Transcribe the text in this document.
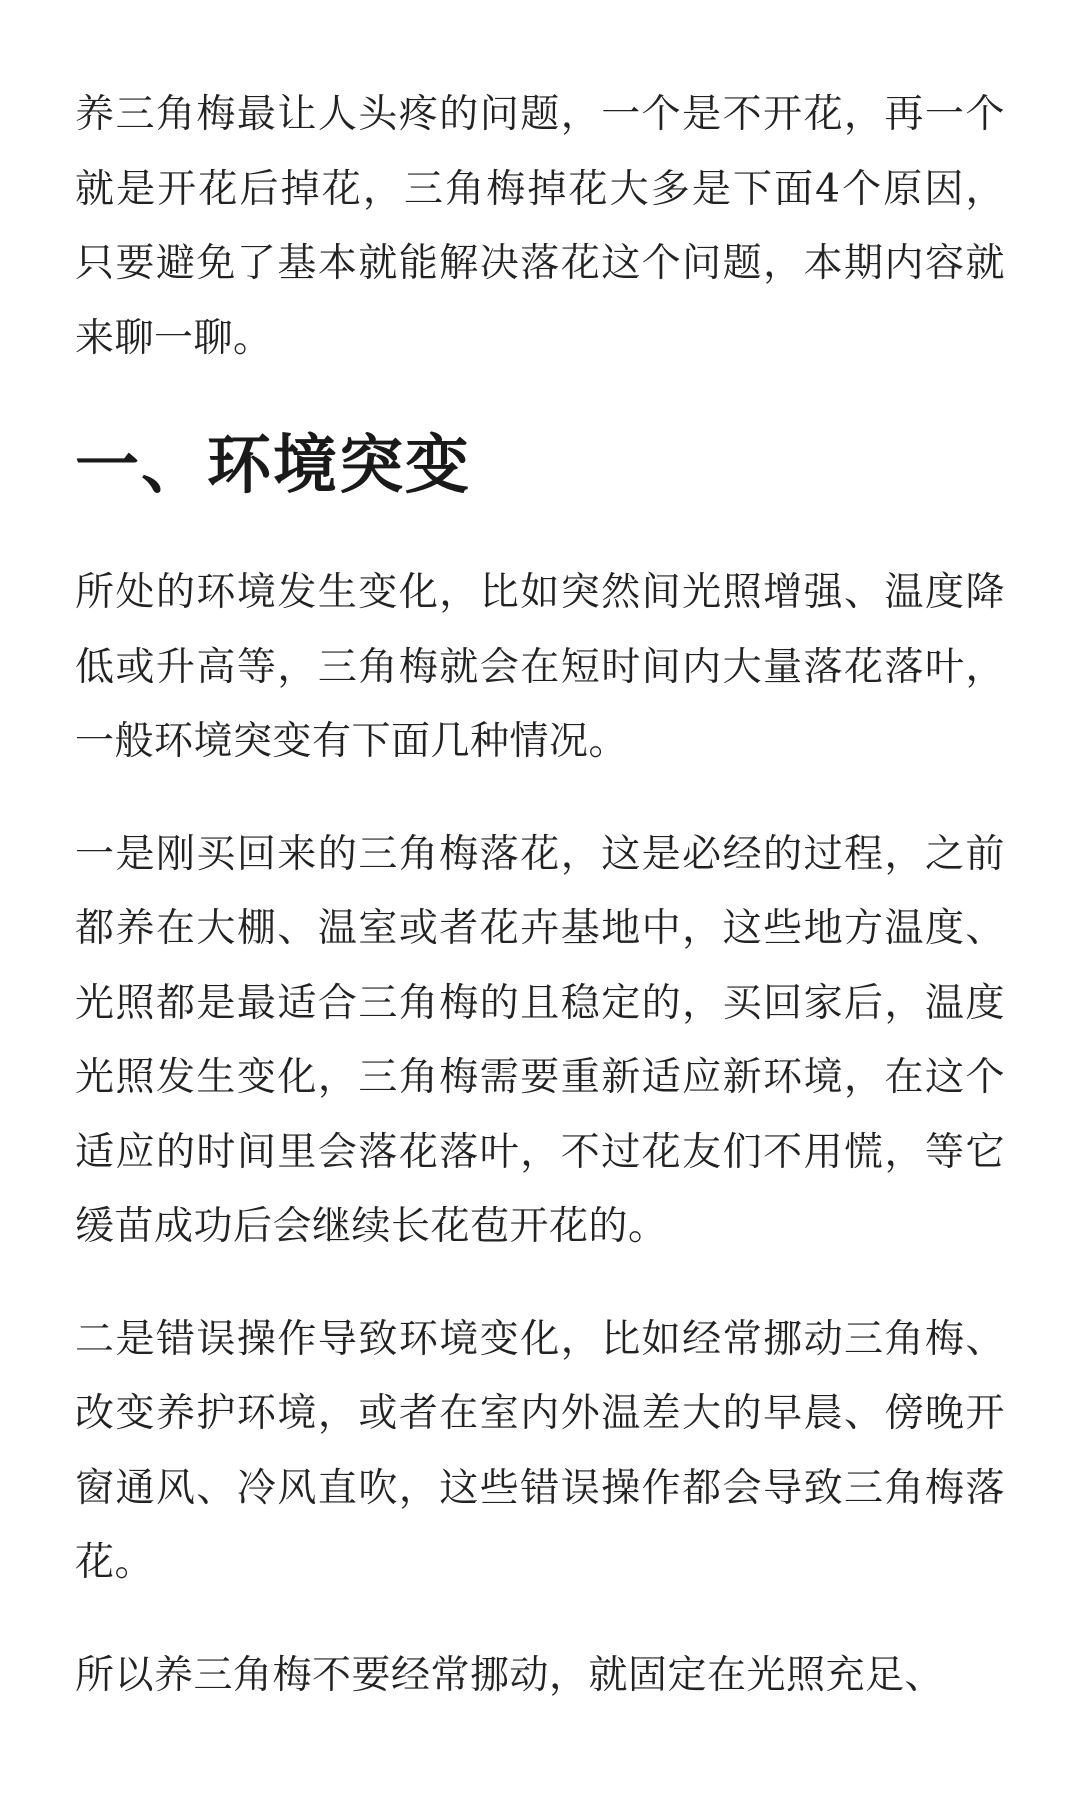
养三角梅最让人头疼的问题，一个是不开花，再一个就是开花后掉花，三角梅掉花大多是下面4个原因，只要避免了基本就能解决落花这个问题，本期内容就来聊一聊。

一、环境突变

所处的环境发生变化，比如突然间光照增强、温度降低或升高等，三角梅就会在短时间内大量落花落叶，一般环境突变有下面几种情况。

一是刚买回来的三角梅落花，这是必经的过程，之前都养在大棚、温室或者花卉基地中，这些地方温度、光照都是最适合三角梅的且稳定的，买回家后，温度光照发生变化，三角梅需要重新适应新环境，在这个适应的时间里会落花落叶，不过花友们不用慌，等它缓苗成功后会继续长花苞开花的。

二是错误操作导致环境变化，比如经常挪动三角梅、改变养护环境，或者在室内外温差大的早晨、傍晚开窗通风、冷风直吹，这些错误操作都会导致三角梅落花。

所以养三角梅不要经常挪动，就固定在光照充足、
